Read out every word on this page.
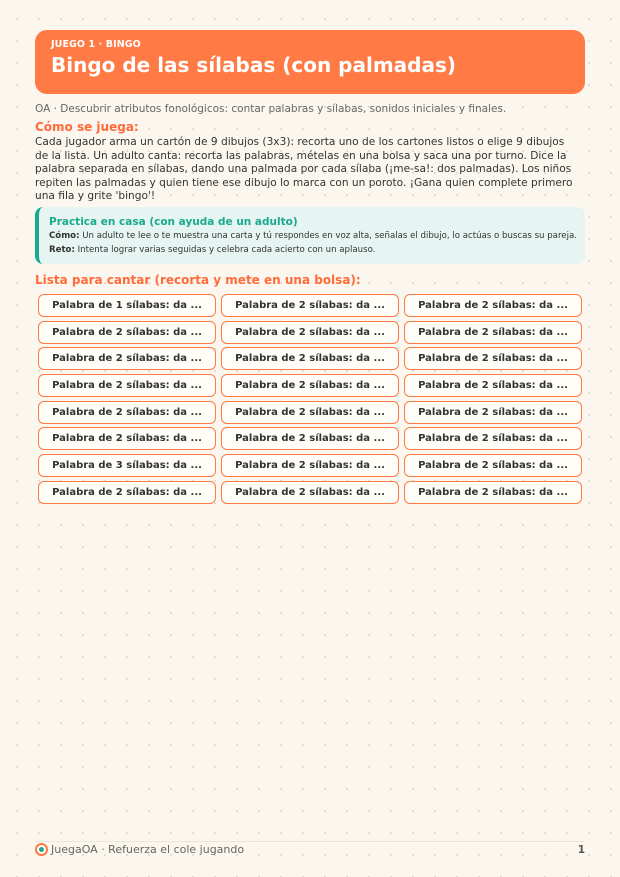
JUEGO 1 · BINGO
Bingo de las sílabas (con palmadas)
OA · Descubrir atributos fonológicos: contar palabras y sílabas, sonidos iniciales y finales.
Cómo se juega:

Cada jugador arma un cartón de 9 dibujos (3x3): recorta uno de los cartones listos o elige 9 dibujos de la lista. Un adulto canta: recorta las palabras, mételas en una bolsa y saca una por turno. Dice la palabra separada en sílabas, dando una palmada por cada sílaba (¡me-sa!: dos palmadas). Los niños repiten las palmadas y quien tiene ese dibujo lo marca con un poroto. ¡Gana quien complete primero una fila y grite 'bingo'!

Practica en casa (con ayuda de un adulto)
Cómo: Un adulto te lee o te muestra una carta y tú respondes en voz alta, señalas el dibujo, lo actúas o buscas su pareja.
Reto: Intenta lograr varias seguidas y celebra cada acierto con un aplauso.
Lista para cantar (recorta y mete en una bolsa):
Palabra de 1 sílabas: da ...	Palabra de 2 sílabas: da ...	Palabra de 2 sílabas: da ...
Palabra de 2 sílabas: da ...	Palabra de 2 sílabas: da ...	Palabra de 2 sílabas: da ...
Palabra de 2 sílabas: da ...	Palabra de 2 sílabas: da ...	Palabra de 2 sílabas: da ...
Palabra de 2 sílabas: da ...	Palabra de 2 sílabas: da ...	Palabra de 2 sílabas: da ...
Palabra de 2 sílabas: da ...	Palabra de 2 sílabas: da ...	Palabra de 2 sílabas: da ...
Palabra de 2 sílabas: da ...	Palabra de 2 sílabas: da ...	Palabra de 2 sílabas: da ...
Palabra de 3 sílabas: da ...	Palabra de 2 sílabas: da ...	Palabra de 2 sílabas: da ...
Palabra de 2 sílabas: da ...	Palabra de 2 sílabas: da ...	Palabra de 2 sílabas: da ...
JuegaOA · Refuerza el cole jugando	1
